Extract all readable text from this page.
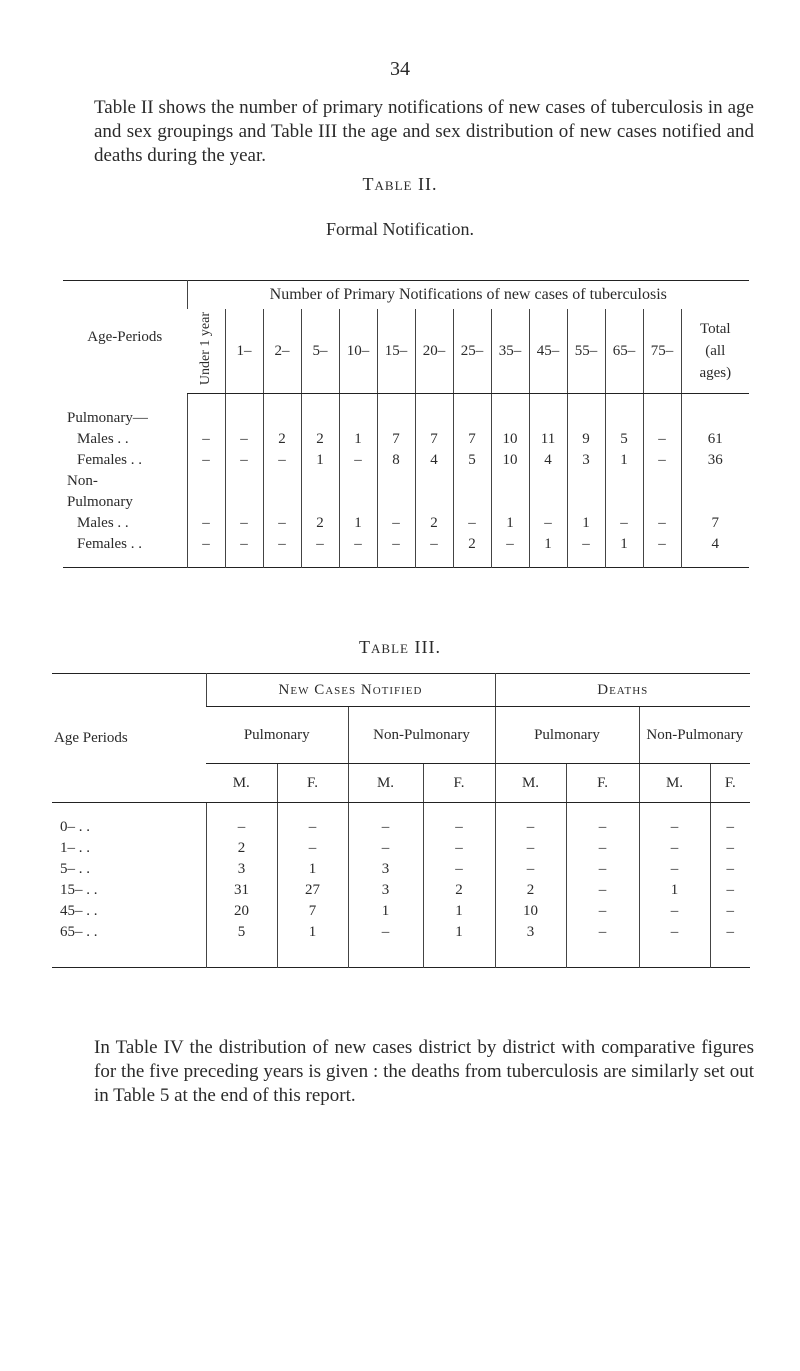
34

Table II shows the number of primary notifications of new cases of tuberculosis in age and sex groupings and Table III the age and sex distribution of new cases notified and deaths during the year.

Table II.
Formal Notification.
Age-Periods	Number of Primary Notifications of new cases of tuberculosis													
	Under 1 year	1–	2–	5–	10–	15–	20–	25–	35–	45–	55–	65–	75–	Total (all ages)
Pulmonary—														
Males . .	–	–	2	2	1	7	7	7	10	11	9	5	–	61
Females . .	–	–	–	1	–	8	4	5	10	4	3	1	–	36
Non-Pulmonary														
Males . .	–	–	–	2	1	–	2	–	1	–	1	–	–	7
Females . .	–	–	–	–	–	–	–	2	–	1	–	1	–	4
Table III.
Age Periods	New Cases Notified				Deaths			
	Pulmonary		Non-Pulmonary		Pulmonary		Non-Pulmonary	
	M.	F.	M.	F.	M.	F.	M.	F.
0– . .	–	–	–	–	–	–	–	–
1– . .	2	–	–	–	–	–	–	–
5– . .	3	1	3	–	–	–	–	–
15– . .	31	27	3	2	2	–	1	–
45– . .	20	7	1	1	10	–	–	–
65– . .	5	1	–	1	3	–	–	–

In Table IV the distribution of new cases district by district with comparative figures for the five preceding years is given : the deaths from tuberculosis are similarly set out in Table 5 at the end of this report.
